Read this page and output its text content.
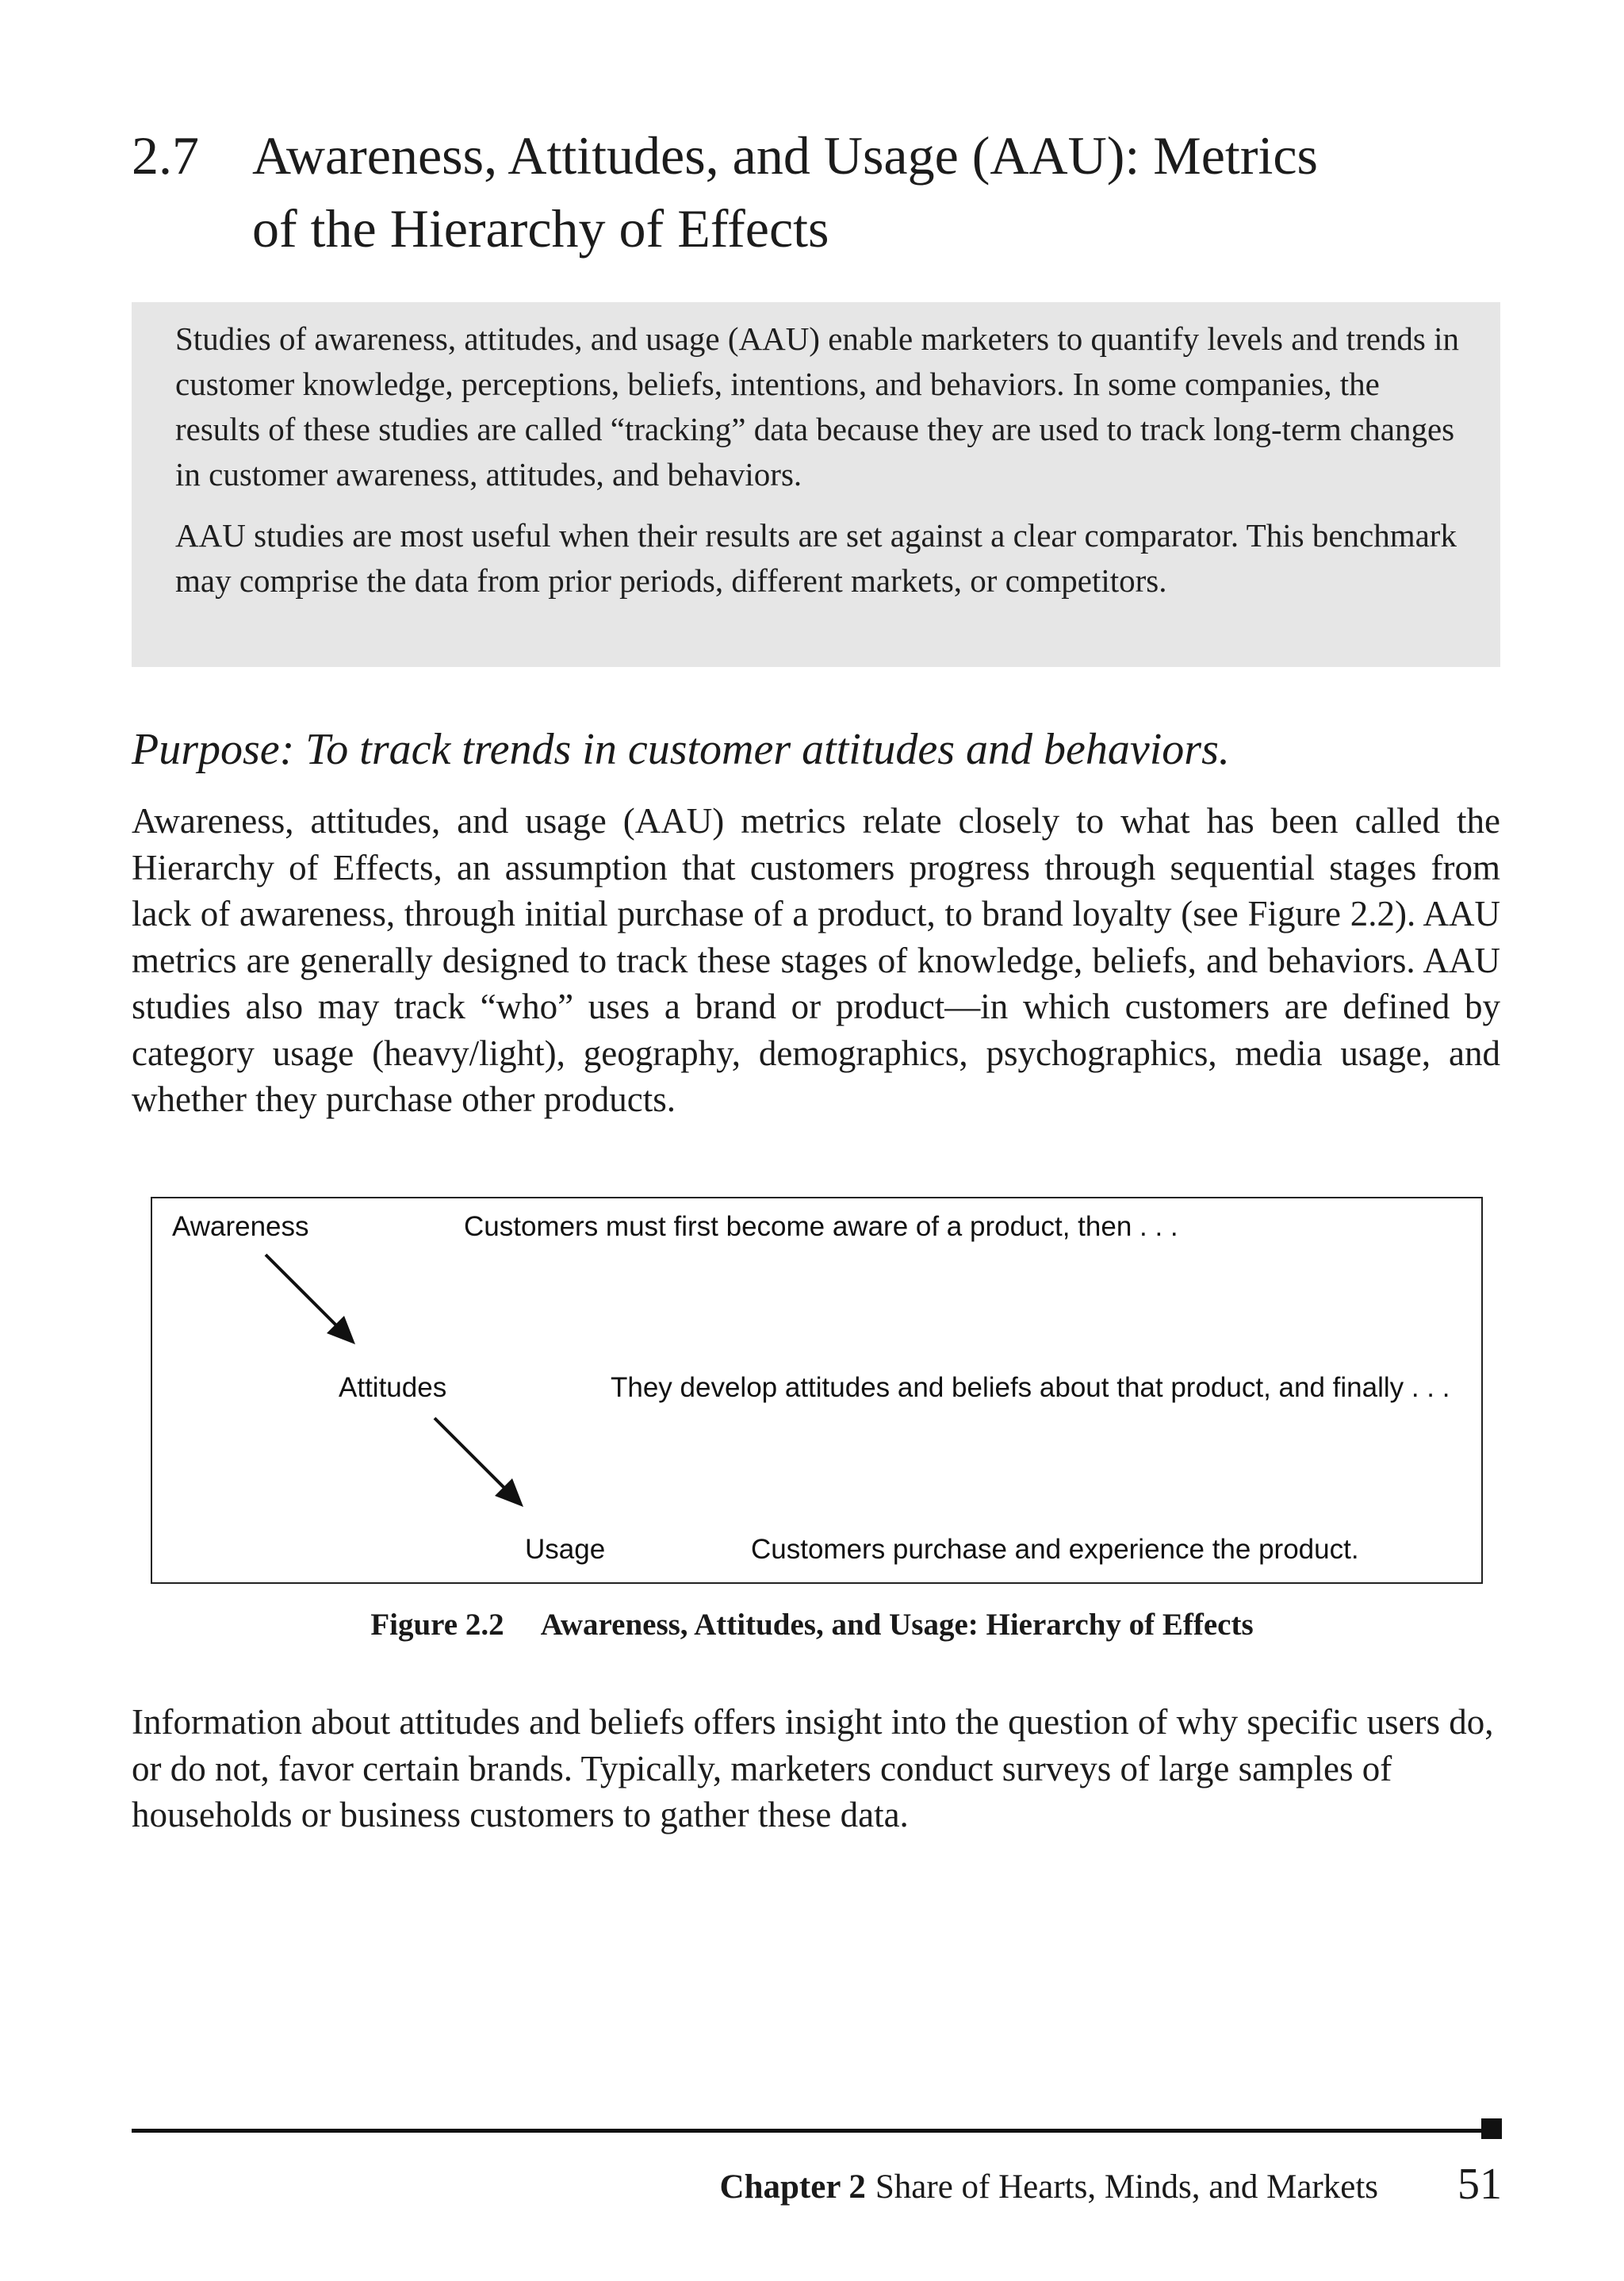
2.7 Awareness, Attitudes, and Usage (AAU): Metrics
of the Hierarchy of Effects

Studies of awareness, attitudes, and usage (AAU) enable marketers to quantify levels and trends in customer knowledge, perceptions, beliefs, intentions, and behaviors. In some companies, the results of these studies are called “tracking” data because they are used to track long-term changes in customer awareness, attitudes, and behaviors.

AAU studies are most useful when their results are set against a clear comparator. This benchmark may comprise the data from prior periods, different markets, or competitors.

Purpose: To track trends in customer attitudes and behaviors.

Awareness, attitudes, and usage (AAU) metrics relate closely to what has been called the Hierarchy of Effects, an assumption that customers progress through sequential stages from lack of awareness, through initial purchase of a product, to brand loyalty (see Figure 2.2). AAU metrics are generally designed to track these stages of knowledge, beliefs, and behaviors. AAU studies also may track “who” uses a brand or product—in which customers are defined by category usage (heavy/light), geography, demographics, psychographics, media usage, and whether they purchase other products.

Awareness	Customers must first become aware of a product, then . . .
Attitudes	They develop attitudes and beliefs about that product, and finally . . .
Usage	Customers purchase and experience the product.
Figure 2.2 Awareness, Attitudes, and Usage: Hierarchy of Effects

Information about attitudes and beliefs offers insight into the question of why specific users do, or do not, favor certain brands. Typically, marketers conduct surveys of large samples of households or business customers to gather these data.

Chapter 2 Share of Hearts, Minds, and Markets 51
